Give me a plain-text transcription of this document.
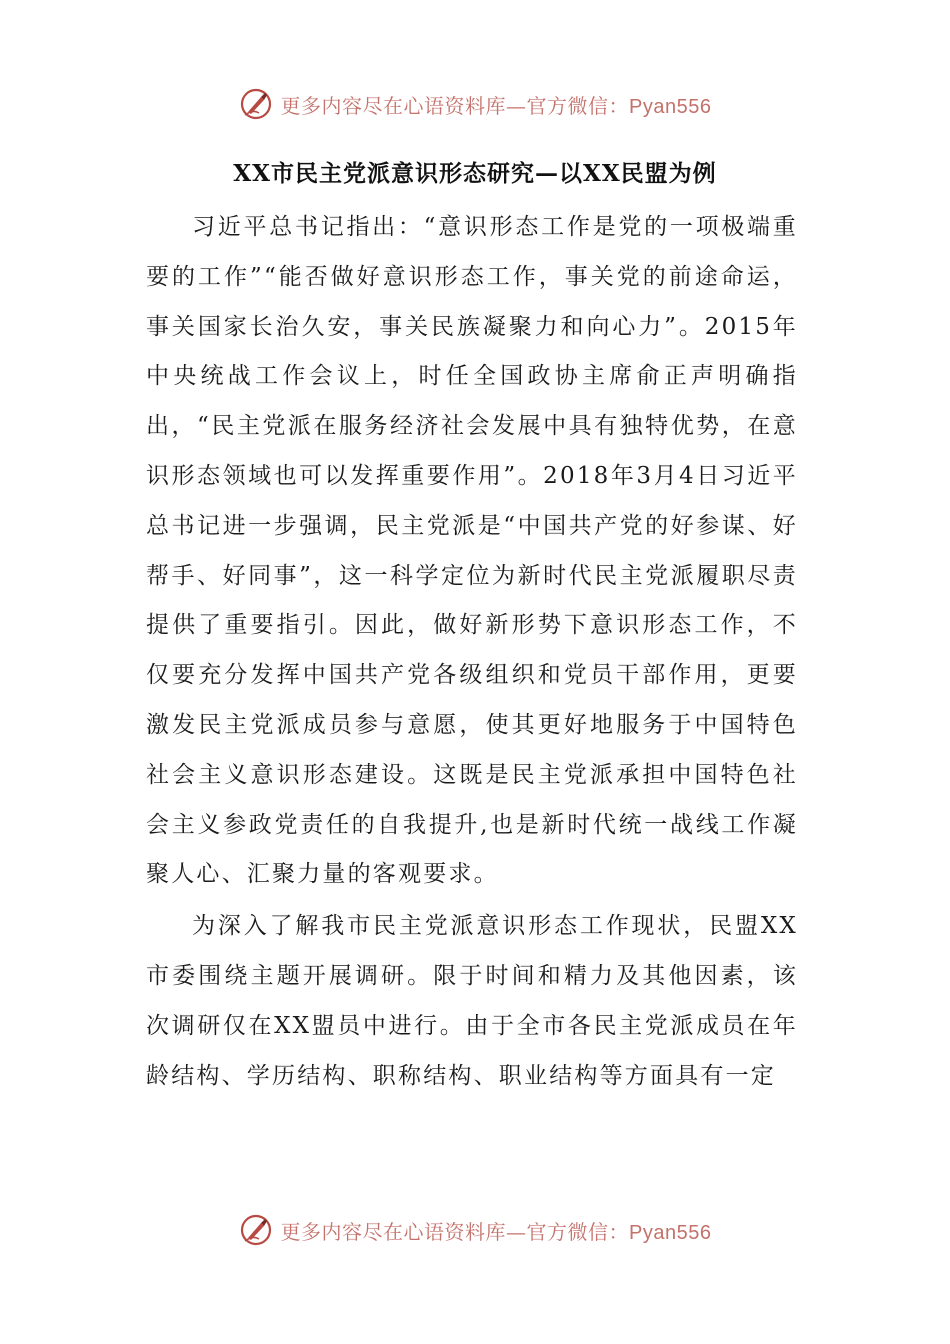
更多内容尽在心语资料库—官方微信：Pyan556
XX市民主党派意识形态研究—以XX民盟为例

习近平总书记指出：“意识形态工作是党的一项极端重要的工作”“能否做好意识形态工作，事关党的前途命运，事关国家长治久安，事关民族凝聚力和向心力”。2015年中央统战工作会议上，时任全国政协主席俞正声明确指出，“民主党派在服务经济社会发展中具有独特优势，在意识形态领域也可以发挥重要作用”。2018年3月4日习近平总书记进一步强调，民主党派是“中国共产党的好参谋、好帮手、好同事”，这一科学定位为新时代民主党派履职尽责提供了重要指引。因此，做好新形势下意识形态工作，不仅要充分发挥中国共产党各级组织和党员干部作用，更要激发民主党派成员参与意愿，使其更好地服务于中国特色社会主义意识形态建设。这既是民主党派承担中国特色社会主义参政党责任的自我提升,也是新时代统一战线工作凝聚人心、汇聚力量的客观要求。

为深入了解我市民主党派意识形态工作现状，民盟XX市委围绕主题开展调研。限于时间和精力及其他因素，该次调研仅在XX盟员中进行。由于全市各民主党派成员在年龄结构、学历结构、职称结构、职业结构等方面具有一定

更多内容尽在心语资料库—官方微信：Pyan556
